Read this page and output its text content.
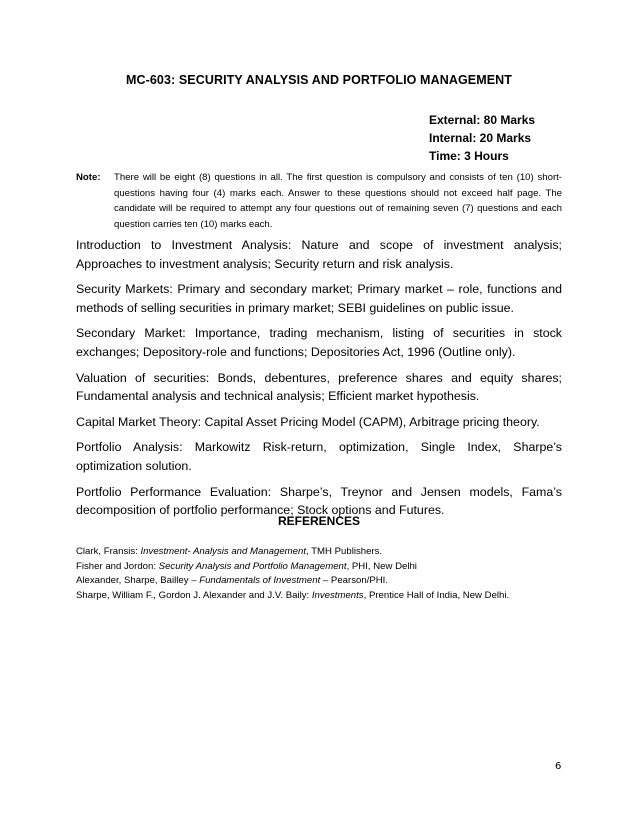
MC-603: SECURITY ANALYSIS AND PORTFOLIO MANAGEMENT
External: 80 Marks
Internal: 20 Marks
Time: 3 Hours
Note: There will be eight (8) questions in all. The first question is compulsory and consists of ten (10) short-questions having four (4) marks each. Answer to these questions should not exceed half page. The candidate will be required to attempt any four questions out of remaining seven (7) questions and each question carries ten (10) marks each.

Introduction to Investment Analysis: Nature and scope of investment analysis; Approaches to investment analysis; Security return and risk analysis.

Security Markets: Primary and secondary market; Primary market – role, functions and methods of selling securities in primary market; SEBI guidelines on public issue.

Secondary Market: Importance, trading mechanism, listing of securities in stock exchanges; Depository-role and functions; Depositories Act, 1996 (Outline only).

Valuation of securities: Bonds, debentures, preference shares and equity shares; Fundamental analysis and technical analysis; Efficient market hypothesis.

Capital Market Theory: Capital Asset Pricing Model (CAPM), Arbitrage pricing theory.

Portfolio Analysis: Markowitz Risk-return, optimization, Single Index, Sharpe’s optimization solution.

Portfolio Performance Evaluation: Sharpe’s, Treynor and Jensen models, Fama’s decomposition of portfolio performance; Stock options and Futures.

REFERENCES
Clark, Fransis: Investment- Analysis and Management, TMH Publishers.
Fisher and Jordon: Security Analysis and Portfolio Management, PHI, New Delhi
Alexander, Sharpe, Bailley – Fundamentals of Investment – Pearson/PHI.
Sharpe, William F., Gordon J. Alexander and J.V. Baily: Investments, Prentice Hall of India, New Delhi.
6
